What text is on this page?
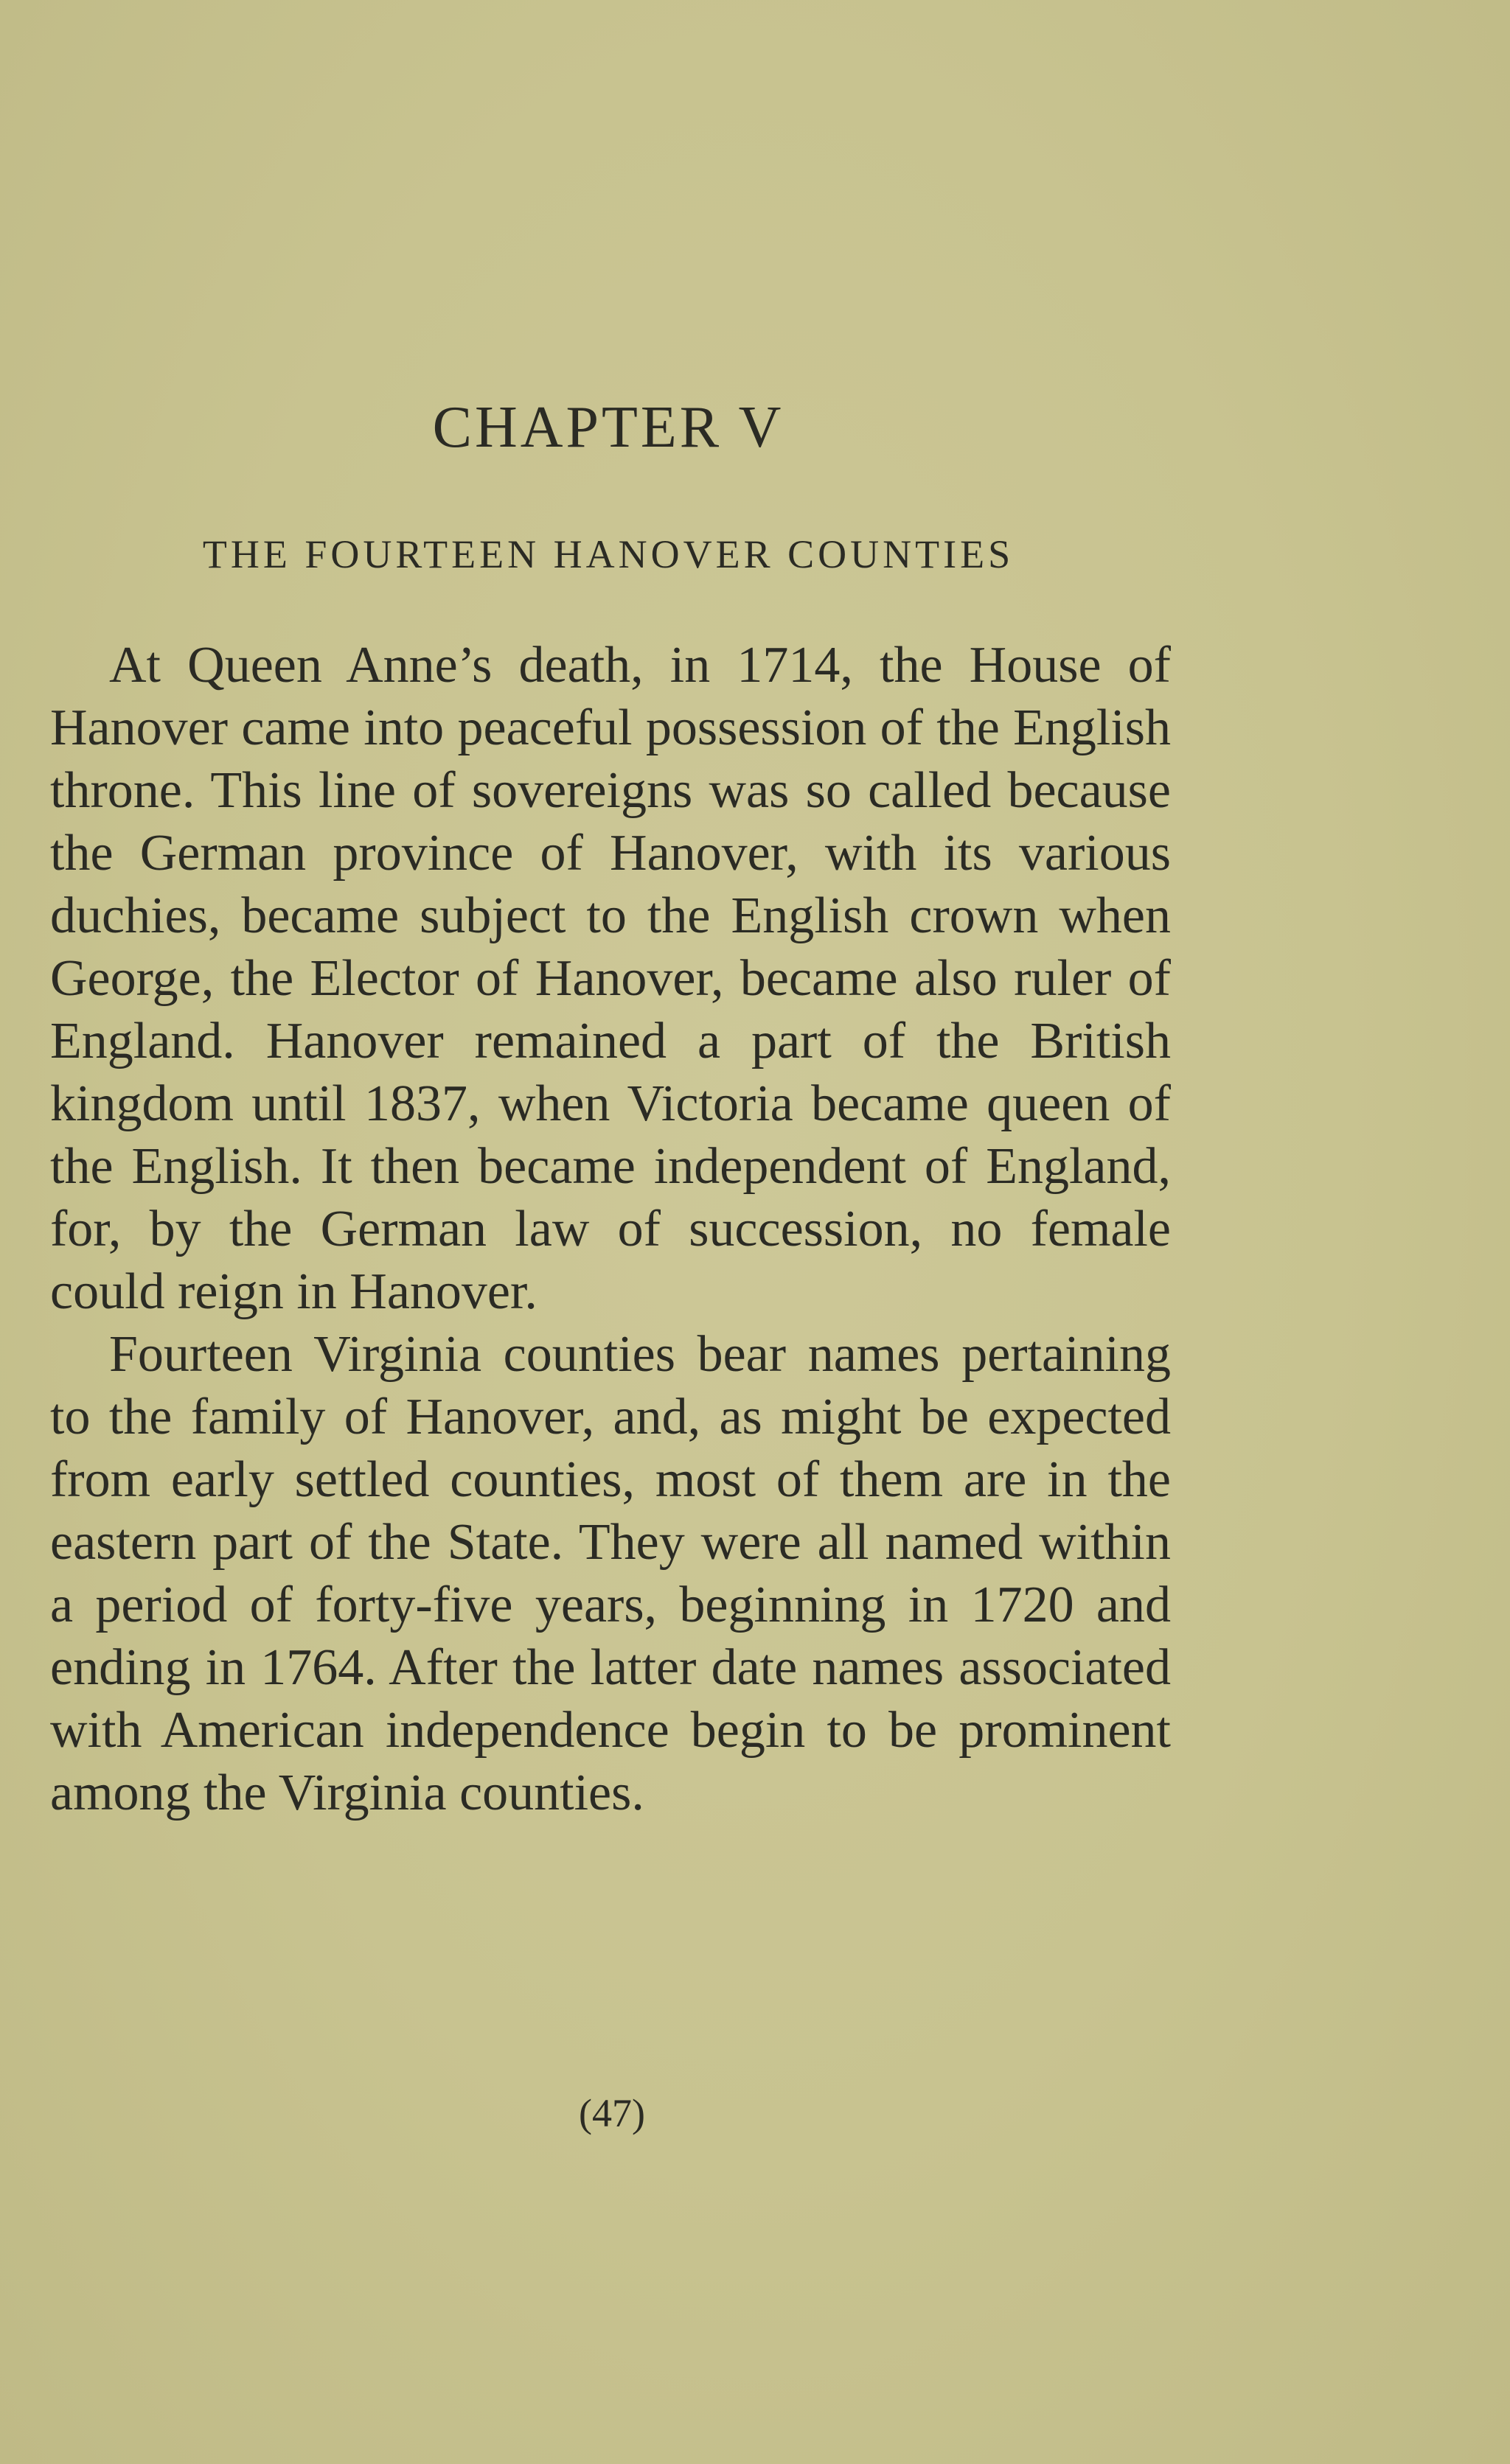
CHAPTER V
THE FOURTEEN HANOVER COUNTIES

At Queen Anne’s death, in 1714, the House of Hanover came into peaceful possession of the English throne. This line of sovereigns was so called because the German province of Hanover, with its various duchies, became subject to the English crown when George, the Elector of Hanover, became also ruler of England. Hanover remained a part of the British kingdom until 1837, when Victoria became queen of the English. It then became independent of England, for, by the German law of succession, no female could reign in Hanover.

Fourteen Virginia counties bear names pertaining to the family of Hanover, and, as might be expected from early settled counties, most of them are in the eastern part of the State. They were all named within a period of forty-five years, beginning in 1720 and ending in 1764. After the latter date names associated with American independence begin to be prominent among the Virginia counties.

(47)
